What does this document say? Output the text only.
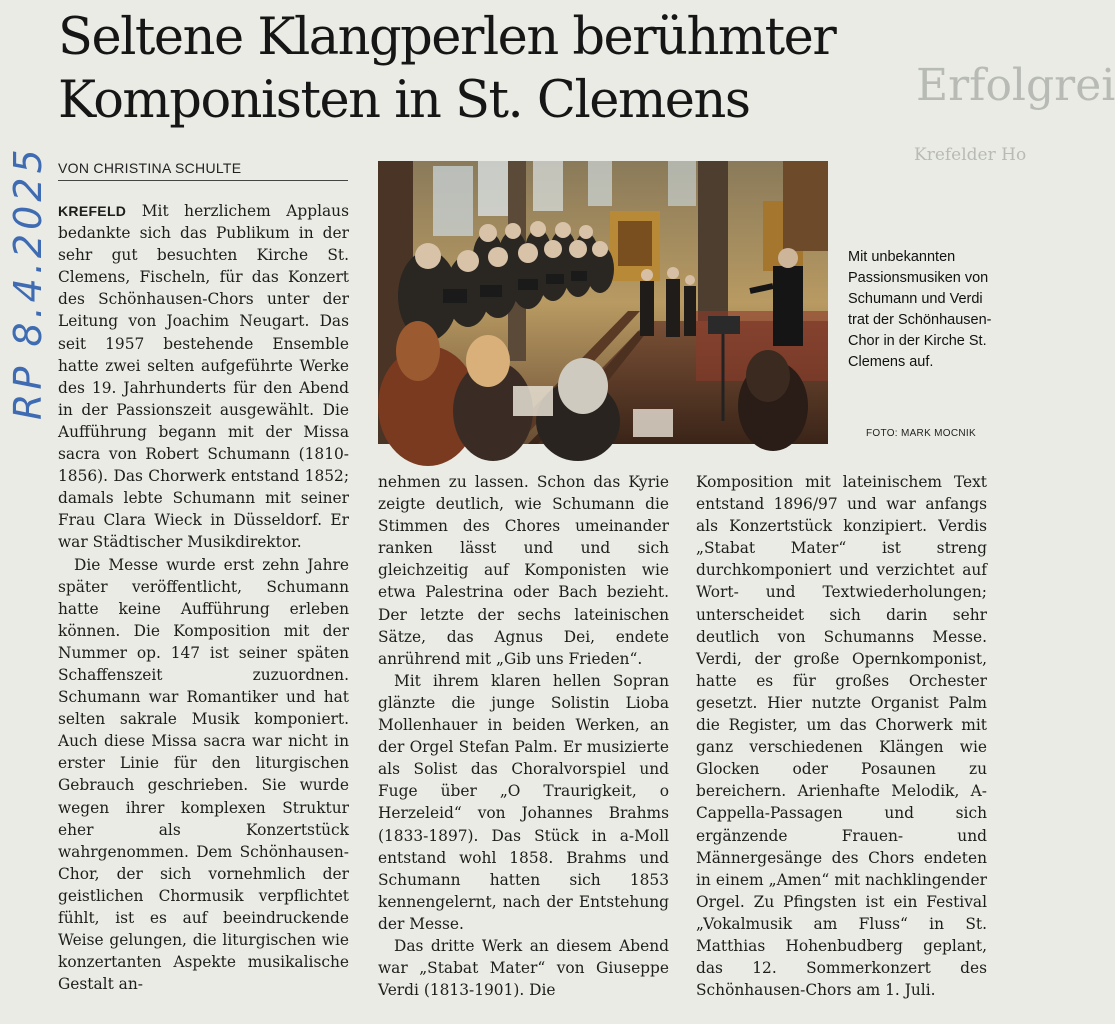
Erfolgrei
Krefelder Ho
Seltene Klangperlen berühmter
Komponisten in St. Clemens
RP 8.4.2025 VON CHRISTINA SCHULTE
Mit unbekannten Passionsmusiken von Schumann und Verdi trat der Schönhausen-Chor in der Kirche St. Clemens auf.
FOTO: MARK MOCNIK

KREFELD Mit herzlichem Applaus bedankte sich das Publikum in der sehr gut besuchten Kirche St. Clemens, Fischeln, für das Konzert des Schönhausen-Chors unter der Leitung von Joachim Neugart. Das seit 1957 bestehende Ensemble hatte zwei selten aufgeführte Werke des 19. Jahrhunderts für den Abend in der Passionszeit ausgewählt. Die Aufführung begann mit der Missa sacra von Robert Schumann (1810-1856). Das Chorwerk entstand 1852; damals lebte Schumann mit seiner Frau Clara Wieck in Düsseldorf. Er war Städtischer Musikdirektor.

Die Messe wurde erst zehn Jahre später veröffentlicht, Schumann hatte keine Aufführung erleben können. Die Komposition mit der Nummer op. 147 ist seiner späten Schaffenszeit zuzuordnen. Schumann war Romantiker und hat selten sakrale Musik komponiert. Auch diese Missa sacra war nicht in erster Linie für den liturgischen Gebrauch geschrieben. Sie wurde wegen ihrer komplexen Struktur eher als Konzertstück wahrgenommen. Dem Schönhausen-Chor, der sich vornehmlich der geistlichen Chormusik verpflichtet fühlt, ist es auf beeindruckende Weise gelungen, die liturgischen wie konzertanten Aspekte musikalische Gestalt an-

nehmen zu lassen. Schon das Kyrie zeigte deutlich, wie Schumann die Stimmen des Chores umeinander ranken lässt und und sich gleichzeitig auf Komponisten wie etwa Palestrina oder Bach bezieht. Der letzte der sechs lateinischen Sätze, das Agnus Dei, endete anrührend mit „Gib uns Frieden“.

Mit ihrem klaren hellen Sopran glänzte die junge Solistin Lioba Mollenhauer in beiden Werken, an der Orgel Stefan Palm. Er musizierte als Solist das Choralvorspiel und Fuge über „O Traurigkeit, o Herzeleid“ von Johannes Brahms (1833-1897). Das Stück in a-Moll entstand wohl 1858. Brahms und Schumann hatten sich 1853 kennengelernt, nach der Entstehung der Messe.

Das dritte Werk an diesem Abend war „Stabat Mater“ von Giuseppe Verdi (1813-1901). Die

Komposition mit lateinischem Text entstand 1896/97 und war anfangs als Konzertstück konzipiert. Verdis „Stabat Mater“ ist streng durchkomponiert und verzichtet auf Wort- und Textwiederholungen; unterscheidet sich darin sehr deutlich von Schumanns Messe. Verdi, der große Opernkomponist, hatte es für großes Orchester gesetzt. Hier nutzte Organist Palm die Register, um das Chorwerk mit ganz verschiedenen Klängen wie Glocken oder Posaunen zu bereichern. Arienhafte Melodik, A-Cappella-Passagen und sich ergänzende Frauen- und Männergesänge des Chors endeten in einem „Amen“ mit nachklingender Orgel. Zu Pfingsten ist ein Festival „Vokalmusik am Fluss“ in St. Matthias Hohenbudberg geplant, das 12. Sommerkonzert des Schönhausen-Chors am 1. Juli.
